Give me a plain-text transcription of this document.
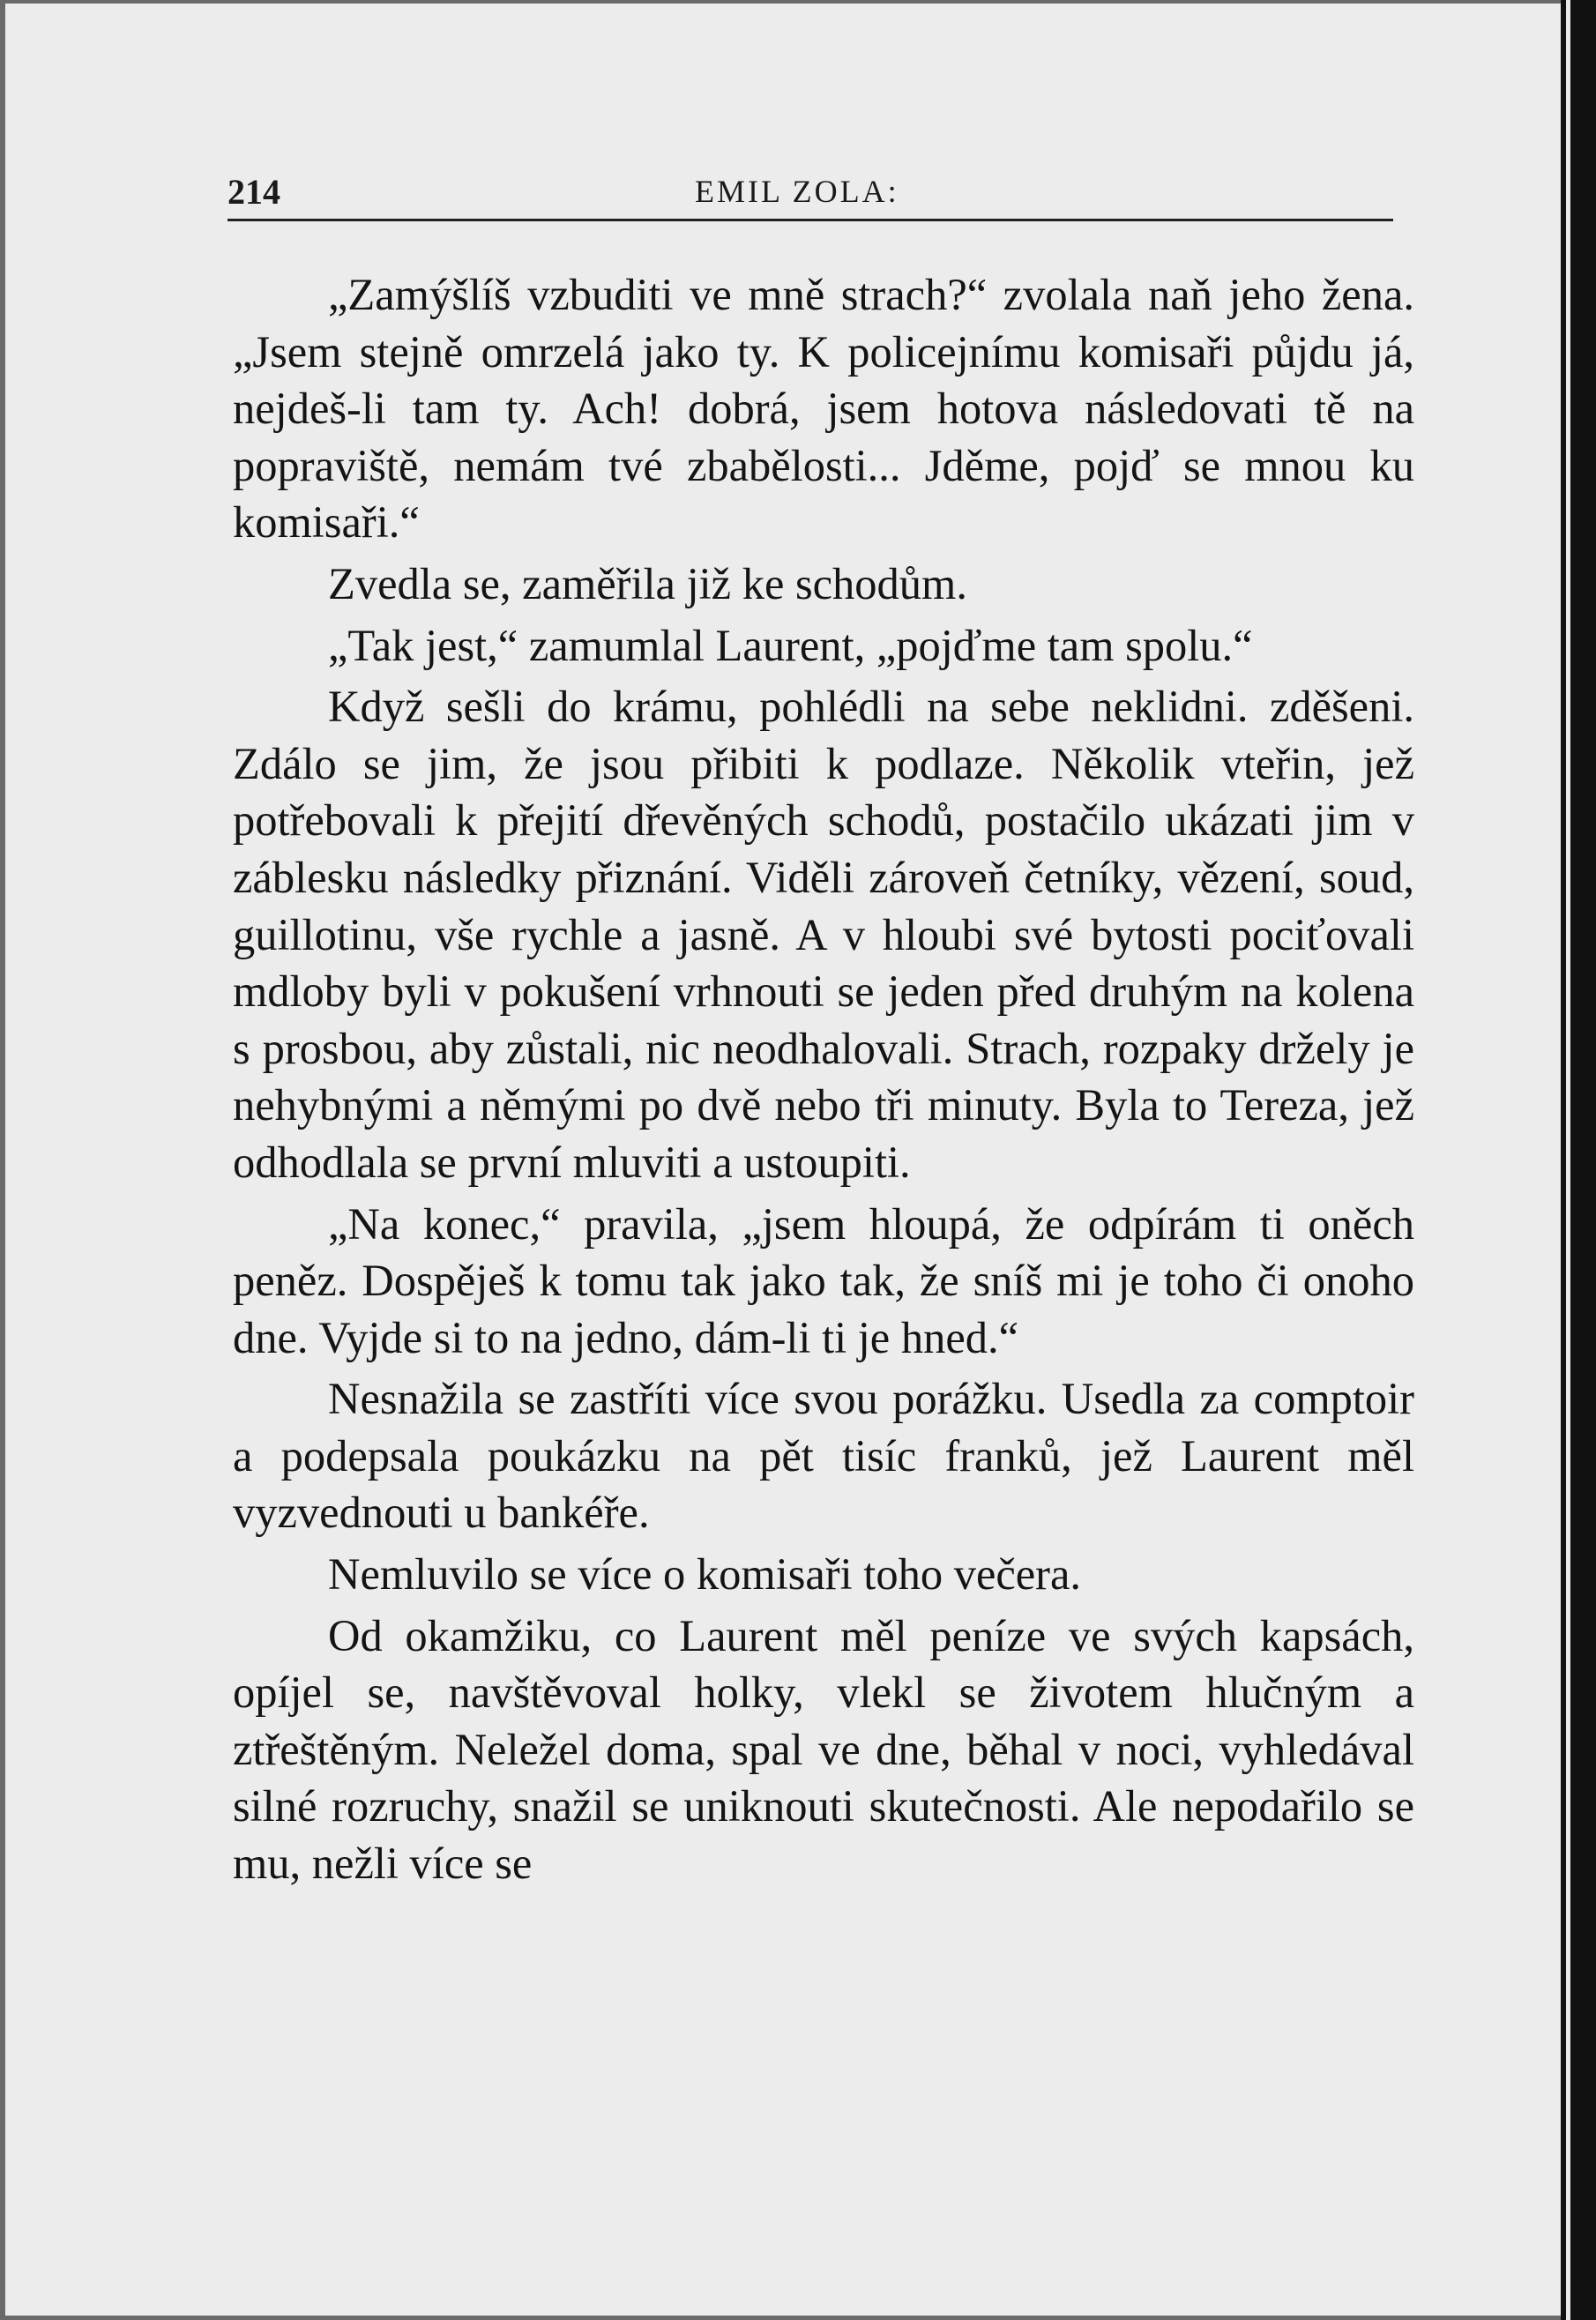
214	EMIL ZOLA:

„Zamýšlíš vzbuditi ve mně strach?“ zvolala naň jeho žena. „Jsem stejně omrzelá jako ty. K policejnímu komisaři půjdu já, nejdeš-li tam ty. Ach! dobrá, jsem hotova následovati tě na popraviště, nemám tvé zbabělosti... Jděme, pojď se mnou ku komisaři.“

Zvedla se, zaměřila již ke schodům.

„Tak jest,“ zamumlal Laurent, „pojďme tam spolu.“

Když sešli do krámu, pohlédli na sebe neklidni. zděšeni. Zdálo se jim, že jsou přibiti k podlaze. Několik vteřin, jež potřebovali k přejití dřevěných schodů, postačilo ukázati jim v záblesku následky přiznání. Viděli zároveň četníky, vězení, soud, guillotinu, vše rychle a jasně. A v hloubi své bytosti pociťovali mdloby byli v pokušení vrhnouti se jeden před druhým na kolena s prosbou, aby zůstali, nic neodhalovali. Strach, rozpaky držely je nehybnými a němými po dvě nebo tři minuty. Byla to Tereza, jež odhodlala se první mluviti a ustoupiti.

„Na konec,“ pravila, „jsem hloupá, že odpírám ti oněch peněz. Dospěješ k tomu tak jako tak, že sníš mi je toho či onoho dne. Vyjde si to na jedno, dám-li ti je hned.“

Nesnažila se zastříti více svou porážku. Usedla za comptoir a podepsala poukázku na pět tisíc franků, jež Laurent měl vyzvednouti u bankéře.

Nemluvilo se více o komisaři toho večera.

Od okamžiku, co Laurent měl peníze ve svých kapsách, opíjel se, navštěvoval holky, vlekl se životem hlučným a ztřeštěným. Neležel doma, spal ve dne, běhal v noci, vyhledával silné rozruchy, snažil se uniknouti skutečnosti. Ale nepodařilo se mu, nežli více se
